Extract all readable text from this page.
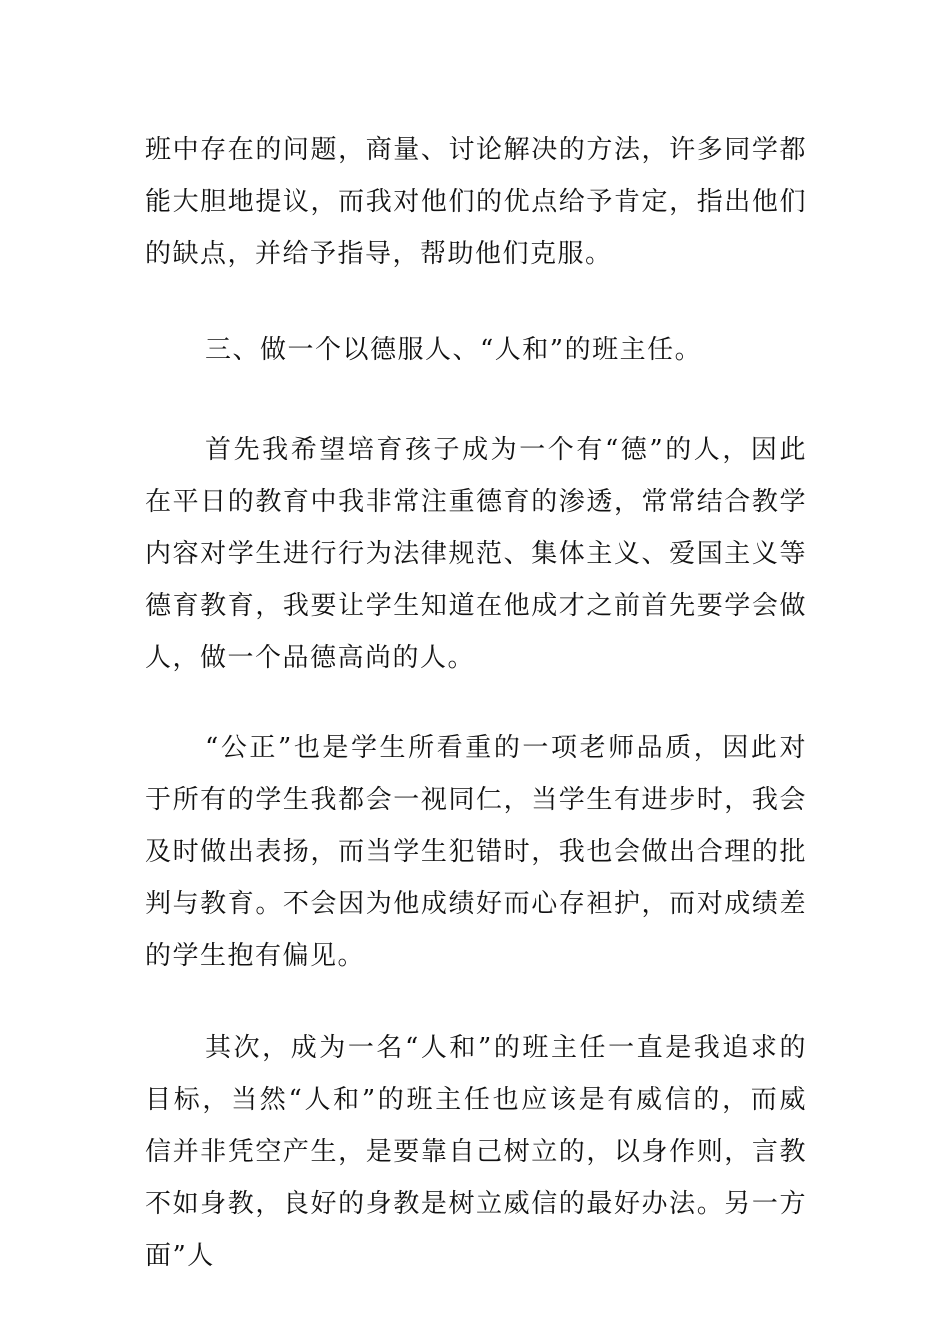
班中存在的问题，商量、讨论解决的方法，许多同学都能大胆地提议，而我对他们的优点给予肯定，指出他们的缺点，并给予指导，帮助他们克服。

三、做一个以德服人、“人和”的班主任。

首先我希望培育孩子成为一个有“德”的人，因此在平日的教育中我非常注重德育的渗透，常常结合教学内容对学生进行行为法律规范、集体主义、爱国主义等德育教育，我要让学生知道在他成才之前首先要学会做人，做一个品德高尚的人。

“公正”也是学生所看重的一项老师品质，因此对于所有的学生我都会一视同仁，当学生有进步时，我会及时做出表扬，而当学生犯错时，我也会做出合理的批判与教育。不会因为他成绩好而心存袒护，而对成绩差的学生抱有偏见。

其次，成为一名“人和”的班主任一直是我追求的目标，当然“人和”的班主任也应该是有威信的，而威信并非凭空产生，是要靠自己树立的，以身作则，言教不如身教，良好的身教是树立威信的最好办法。另一方面”人
